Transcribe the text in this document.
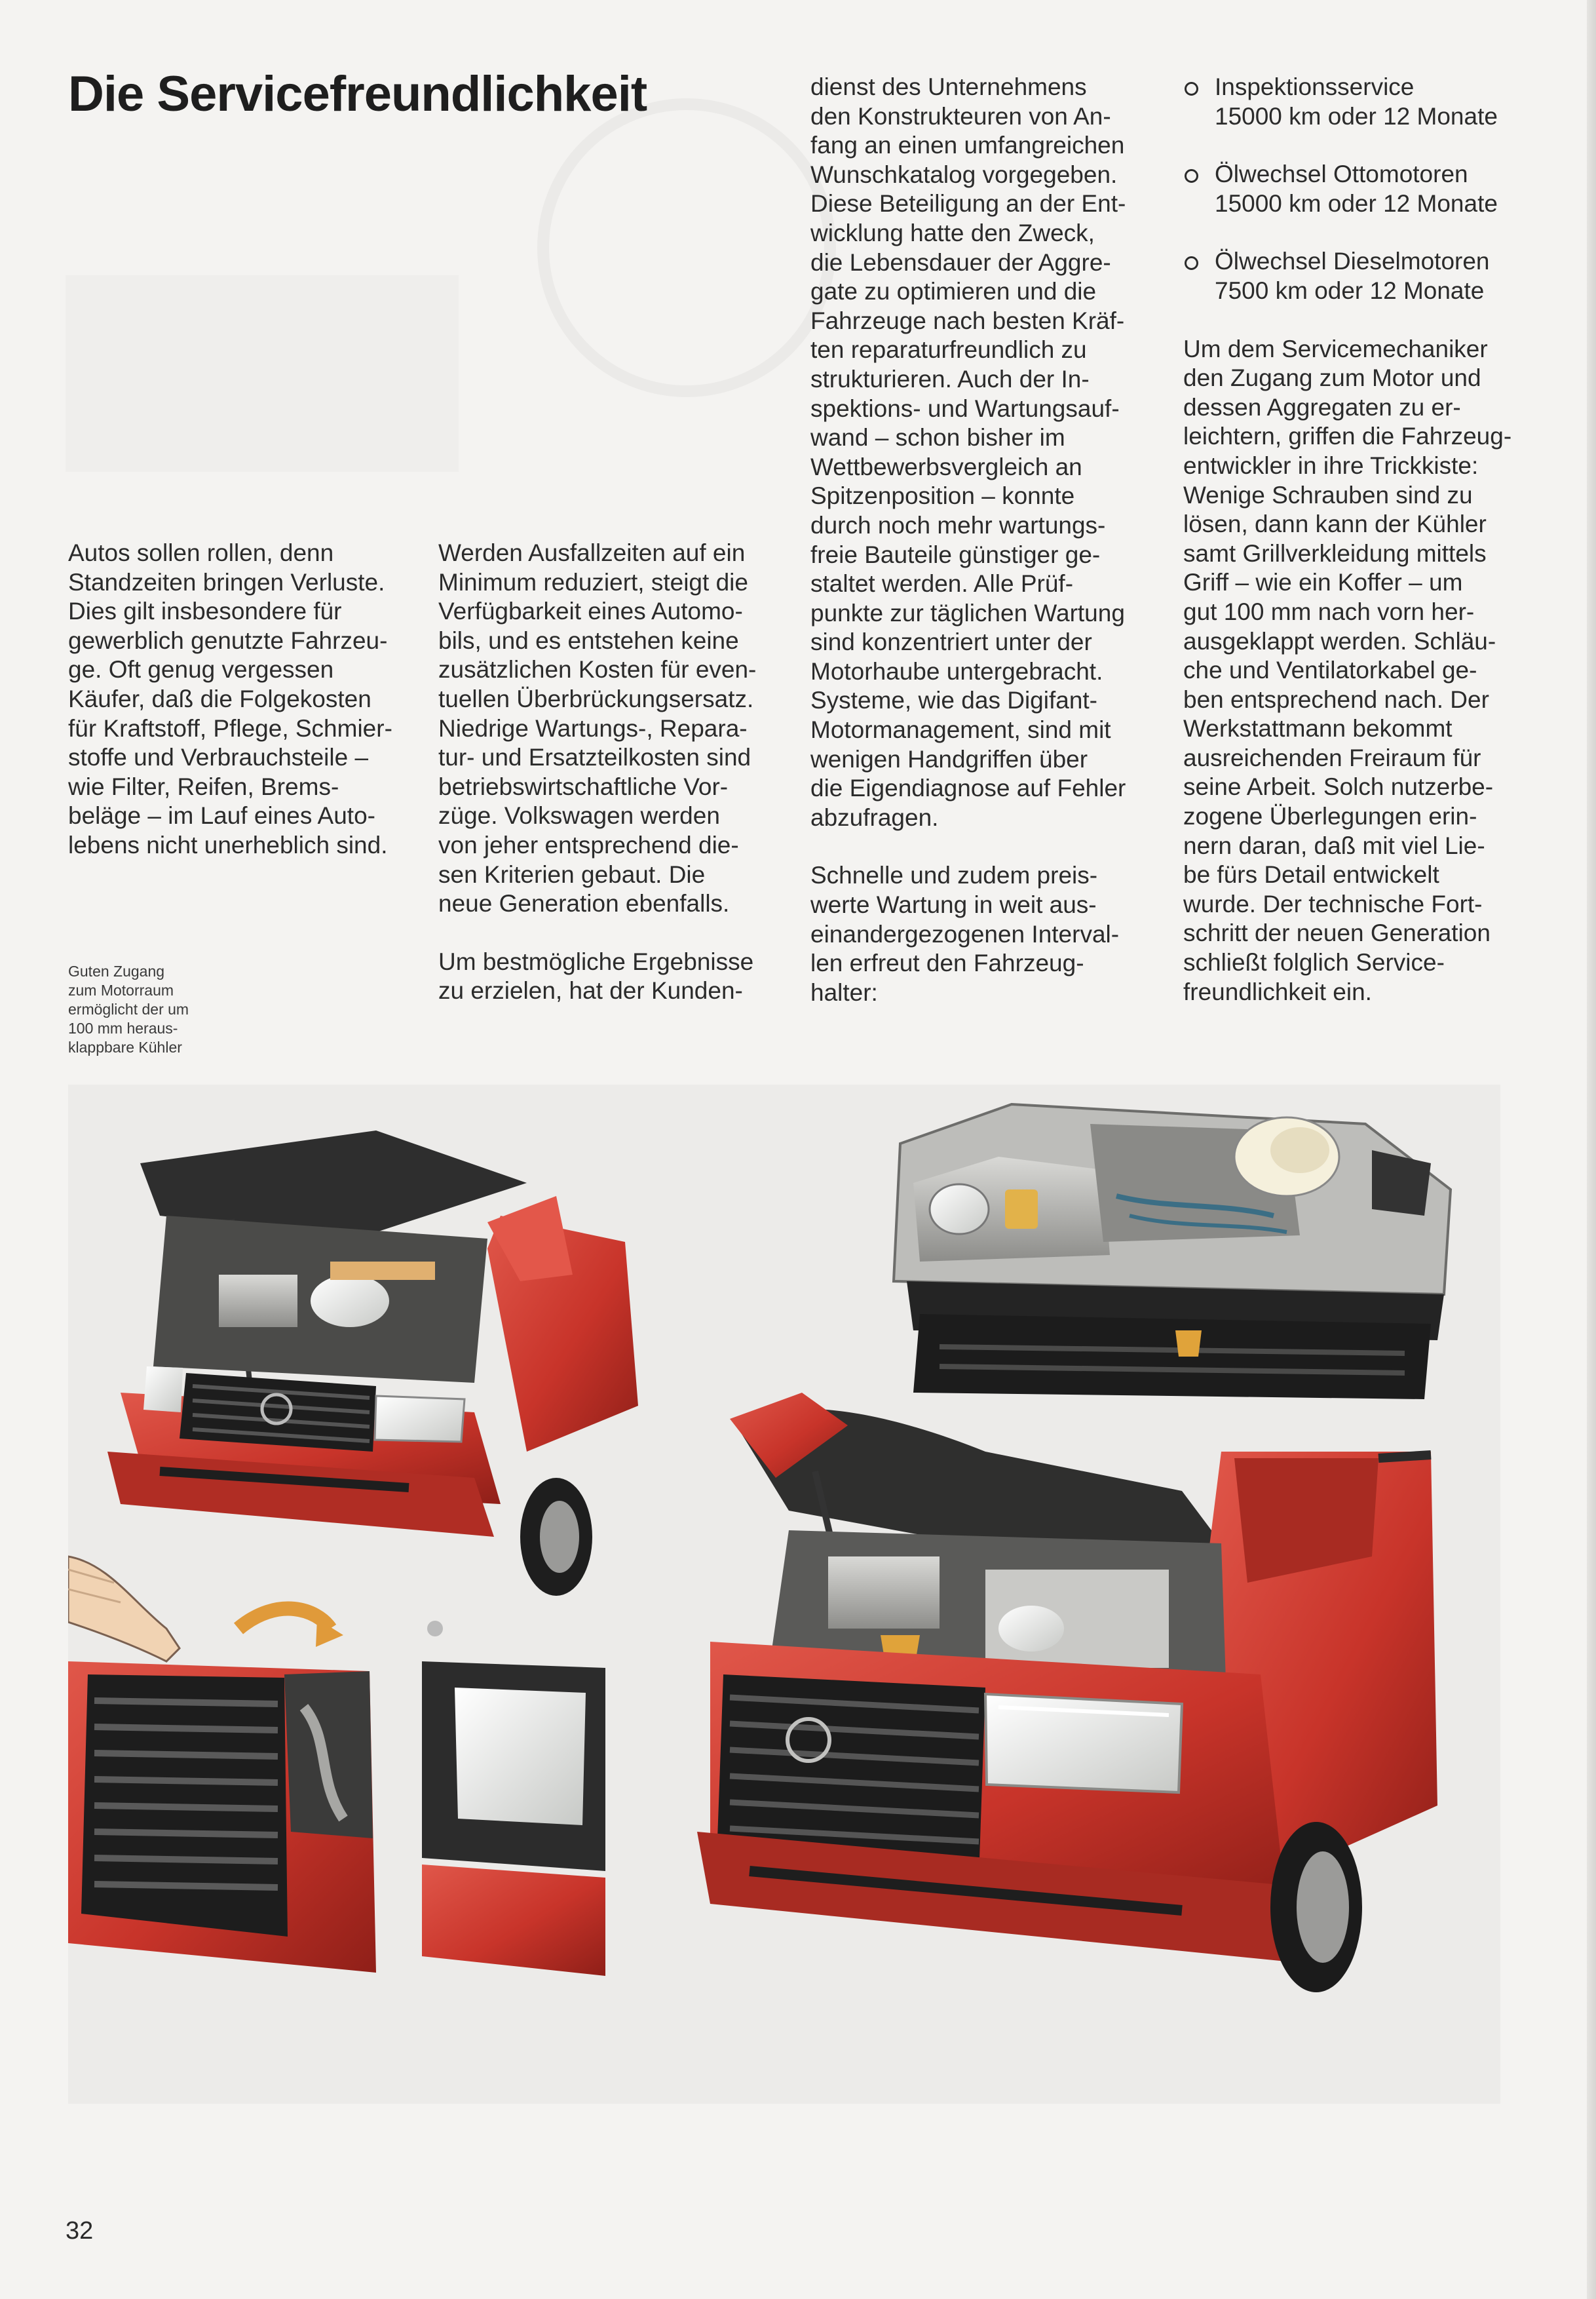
Die Servicefreundlichkeit

Autos sollen rollen, denn
Standzeiten bringen Verluste.
Dies gilt insbesondere für
gewerblich genutzte Fahrzeu-
ge. Oft genug vergessen
Käufer, daß die Folgekosten
für Kraftstoff, Pflege, Schmier-
stoffe und Verbrauchsteile –
wie Filter, Reifen, Brems-
beläge – im Lauf eines Auto-
lebens nicht unerheblich sind.

Werden Ausfallzeiten auf ein
Minimum reduziert, steigt die
Verfügbarkeit eines Automo-
bils, und es entstehen keine
zusätzlichen Kosten für even-
tuellen Überbrückungsersatz.
Niedrige Wartungs-, Repara-
tur- und Ersatzteilkosten sind
betriebswirtschaftliche Vor-
züge. Volkswagen werden
von jeher entsprechend die-
sen Kriterien gebaut. Die
neue Generation ebenfalls.

Um bestmögliche Ergebnisse
zu erzielen, hat der Kunden-

dienst des Unternehmens
den Konstrukteuren von An-
fang an einen umfangreichen
Wunschkatalog vorgegeben.
Diese Beteiligung an der Ent-
wicklung hatte den Zweck,
die Lebensdauer der Aggre-
gate zu optimieren und die
Fahrzeuge nach besten Kräf-
ten reparaturfreundlich zu
strukturieren. Auch der In-
spektions- und Wartungsauf-
wand – schon bisher im
Wettbewerbsvergleich an
Spitzenposition – konnte
durch noch mehr wartungs-
freie Bauteile günstiger ge-
staltet werden. Alle Prüf-
punkte zur täglichen Wartung
sind konzentriert unter der
Motorhaube untergebracht.
Systeme, wie das Digifant-
Motormanagement, sind mit
wenigen Handgriffen über
die Eigendiagnose auf Fehler
abzufragen.

Schnelle und zudem preis-
werte Wartung in weit aus-
einandergezogenen Interval-
len erfreut den Fahrzeug-
halter:

Inspektionsservice
15000 km oder 12 Monate
Ölwechsel Ottomotoren
15000 km oder 12 Monate
Ölwechsel Dieselmotoren
7500 km oder 12 Monate

Um dem Servicemechaniker
den Zugang zum Motor und
dessen Aggregaten zu er-
leichtern, griffen die Fahrzeug-
entwickler in ihre Trickkiste:
Wenige Schrauben sind zu
lösen, dann kann der Kühler
samt Grillverkleidung mittels
Griff – wie ein Koffer – um
gut 100 mm nach vorn her-
ausgeklappt werden. Schläu-
che und Ventilatorkabel ge-
ben entsprechend nach. Der
Werkstattmann bekommt
ausreichenden Freiraum für
seine Arbeit. Solch nutzerbe-
zogene Überlegungen erin-
nern daran, daß mit viel Lie-
be fürs Detail entwickelt
wurde. Der technische Fort-
schritt der neuen Generation
schließt folglich Service-
freundlichkeit ein.

Guten Zugang
zum Motorraum
ermöglicht der um
100 mm heraus-
klappbare Kühler
32
